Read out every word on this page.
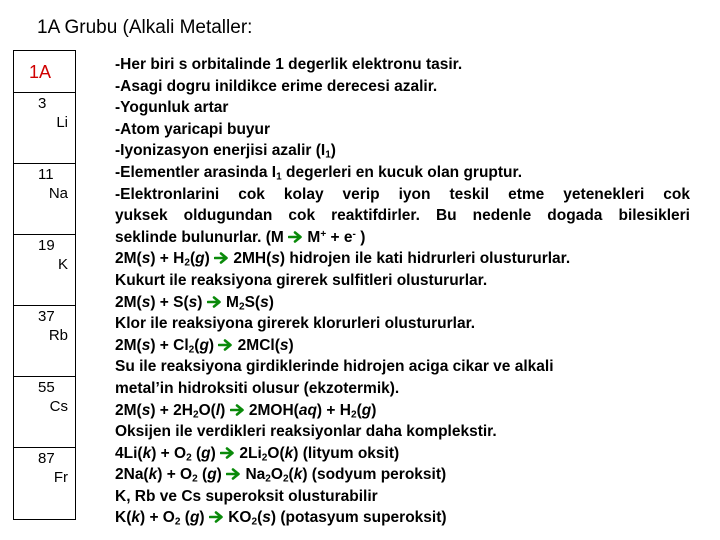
1A Grubu (Alkali Metaller:
1A
3
Li
11
Na
19
K
37
Rb
55
Cs
87
Fr
-Her biri s orbitalinde 1 degerlik elektronu tasir.
-Asagi dogru inildikce erime derecesi azalir.
-Yogunluk artar
-Atom yaricapi buyur
-Iyonizasyon enerjisi azalir $(I_1)$
-Elementler arasinda $I_1$ degerleri en kucuk olan gruptur.
-Elektronlarini cok kolay verip iyon teskil etme yetenekleri cok
yuksek oldugundan cok reaktifdirler. Bu nedenle dogada bilesikleri
seklinde bulunurlar. (M → M+ + e- )
$2M(s) + H_2(g) \to 2MH(s)$ hidrojen ile kati hidrurleri olustururlar.
Kukurt ile reaksiyona girerek sulfitleri olustururlar.
$2M(s) + S(s) \to M_2S(s)$
Klor ile reaksiyona girerek klorurleri olustururlar.
$2M(s) + Cl_2(g) \to 2MCl(s)$
Su ile reaksiyona girdiklerinde hidrojen aciga cikar ve alkali
metal’in hidroksiti olusur (ekzotermik).
$2M(s) + 2H_2O(l) \to 2MOH(aq) + H_2(g)$
Oksijen ile verdikleri reaksiyonlar daha komplekstir.
$4Li(k) + O_2$ $(g) \to 2Li_2O(k)$ (lityum oksit)
$2Na(k) + O_2$ $(g) \to Na_2O_2(k)$ (sodyum peroksit)
K, Rb ve Cs superoksit olusturabilir
$K(k) + O_2$ $(g) \to KO_2(s)$ (potasyum superoksit)
